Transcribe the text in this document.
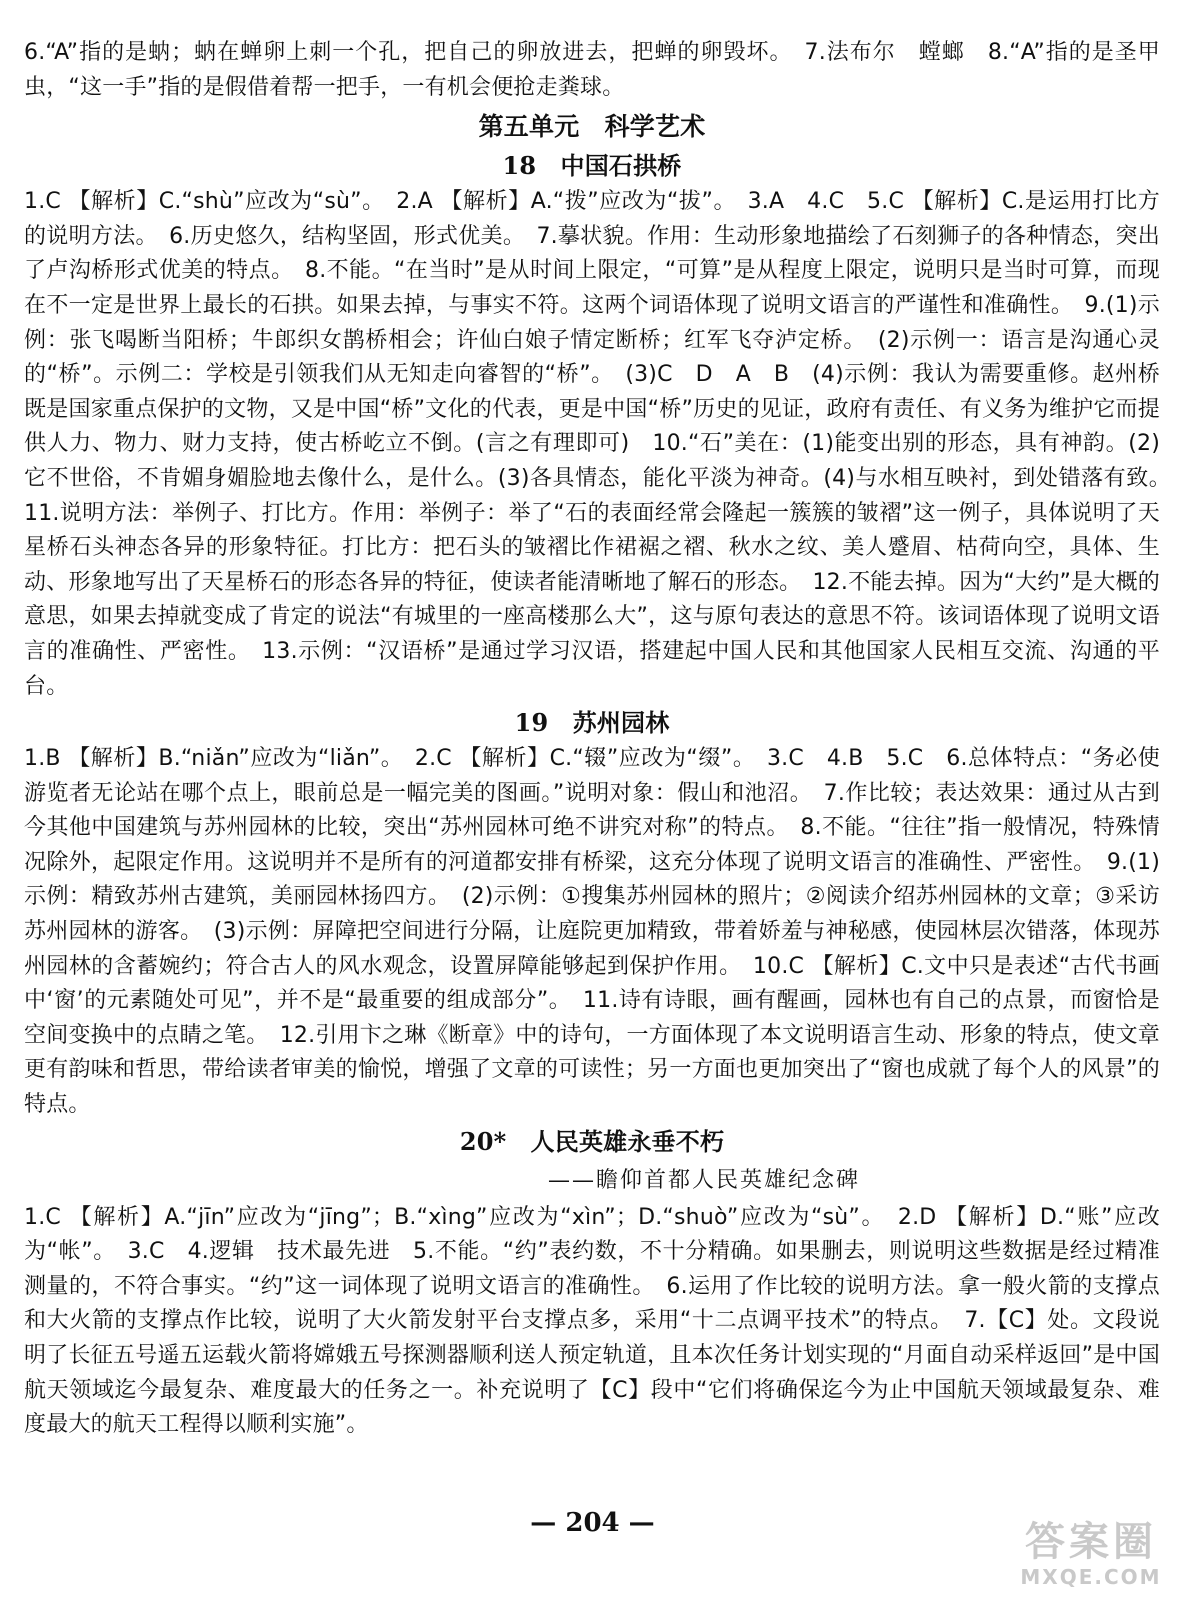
6.“A”指的是蚋；蚋在蝉卵上刺一个孔，把自己的卵放进去，把蝉的卵毁坏。　7.法布尔　螳螂　8.“A”指的是圣甲虫，“这一手”指的是假借着帮一把手，一有机会便抢走粪球。

第五单元　科学艺术
18　中国石拱桥

1.C 【解析】C.“shù”应改为“sù”。　2.A 【解析】A.“拨”应改为“拔”。　3.A　4.C　5.C 【解析】C.是运用打比方的说明方法。　6.历史悠久，结构坚固，形式优美。　7.摹状貌。作用：生动形象地描绘了石刻狮子的各种情态，突出了卢沟桥形式优美的特点。　8.不能。“在当时”是从时间上限定，“可算”是从程度上限定，说明只是当时可算，而现在不一定是世界上最长的石拱。如果去掉，与事实不符。这两个词语体现了说明文语言的严谨性和准确性。　9.(1)示例：张飞喝断当阳桥；牛郎织女鹊桥相会；许仙白娘子情定断桥；红军飞夺泸定桥。　(2)示例一：语言是沟通心灵的“桥”。示例二：学校是引领我们从无知走向睿智的“桥”。　(3)C　D　A　B　(4)示例：我认为需要重修。赵州桥既是国家重点保护的文物，又是中国“桥”文化的代表，更是中国“桥”历史的见证，政府有责任、有义务为维护它而提供人力、物力、财力支持，使古桥屹立不倒。(言之有理即可)　10.“石”美在：(1)能变出别的形态，具有神韵。(2)它不世俗，不肯媚身媚脸地去像什么，是什么。(3)各具情态，能化平淡为神奇。(4)与水相互映衬，到处错落有致。　11.说明方法：举例子、打比方。作用：举例子：举了“石的表面经常会隆起一簇簇的皱褶”这一例子，具体说明了天星桥石头神态各异的形象特征。打比方：把石头的皱褶比作裙裾之褶、秋水之纹、美人蹙眉、枯荷向空，具体、生动、形象地写出了天星桥石的形态各异的特征，使读者能清晰地了解石的形态。　12.不能去掉。因为“大约”是大概的意思，如果去掉就变成了肯定的说法“有城里的一座高楼那么大”，这与原句表达的意思不符。该词语体现了说明文语言的准确性、严密性。　13.示例：“汉语桥”是通过学习汉语，搭建起中国人民和其他国家人民相互交流、沟通的平台。

19　苏州园林

1.B 【解析】B.“niǎn”应改为“liǎn”。　2.C 【解析】C.“辍”应改为“缀”。　3.C　4.B　5.C　6.总体特点：“务必使游览者无论站在哪个点上，眼前总是一幅完美的图画。”说明对象：假山和池沼。　7.作比较；表达效果：通过从古到今其他中国建筑与苏州园林的比较，突出“苏州园林可绝不讲究对称”的特点。　8.不能。“往往”指一般情况，特殊情况除外，起限定作用。这说明并不是所有的河道都安排有桥梁，这充分体现了说明文语言的准确性、严密性。　9.(1)示例：精致苏州古建筑，美丽园林扬四方。　(2)示例：①搜集苏州园林的照片；②阅读介绍苏州园林的文章；③采访苏州园林的游客。　(3)示例：屏障把空间进行分隔，让庭院更加精致，带着娇羞与神秘感，使园林层次错落，体现苏州园林的含蓄婉约；符合古人的风水观念，设置屏障能够起到保护作用。　10.C 【解析】C.文中只是表述“古代书画中‘窗’的元素随处可见”，并不是“最重要的组成部分”。　11.诗有诗眼，画有醒画，园林也有自己的点景，而窗恰是空间变换中的点睛之笔。　12.引用卞之琳《断章》中的诗句，一方面体现了本文说明语言生动、形象的特点，使文章更有韵味和哲思，带给读者审美的愉悦，增强了文章的可读性；另一方面也更加突出了“窗也成就了每个人的风景”的特点。

20*　人民英雄永垂不朽
——瞻仰首都人民英雄纪念碑

1.C 【解析】A.“jīn”应改为“jīng”；B.“xìng”应改为“xìn”；D.“shuò”应改为“sù”。　2.D 【解析】D.“账”应改为“帐”。　3.C　4.逻辑　技术最先进　5.不能。“约”表约数，不十分精确。如果删去，则说明这些数据是经过精准测量的，不符合事实。“约”这一词体现了说明文语言的准确性。　6.运用了作比较的说明方法。拿一般火箭的支撑点和大火箭的支撑点作比较，说明了大火箭发射平台支撑点多，采用“十二点调平技术”的特点。　7.【C】处。文段说明了长征五号遥五运载火箭将嫦娥五号探测器顺利送人预定轨道，且本次任务计划实现的“月面自动采样返回”是中国航天领域迄今最复杂、难度最大的任务之一。补充说明了【C】段中“它们将确保迄今为止中国航天领域最复杂、难度最大的航天工程得以顺利实施”。

— 204 —	答案圈
MXQE.COM
